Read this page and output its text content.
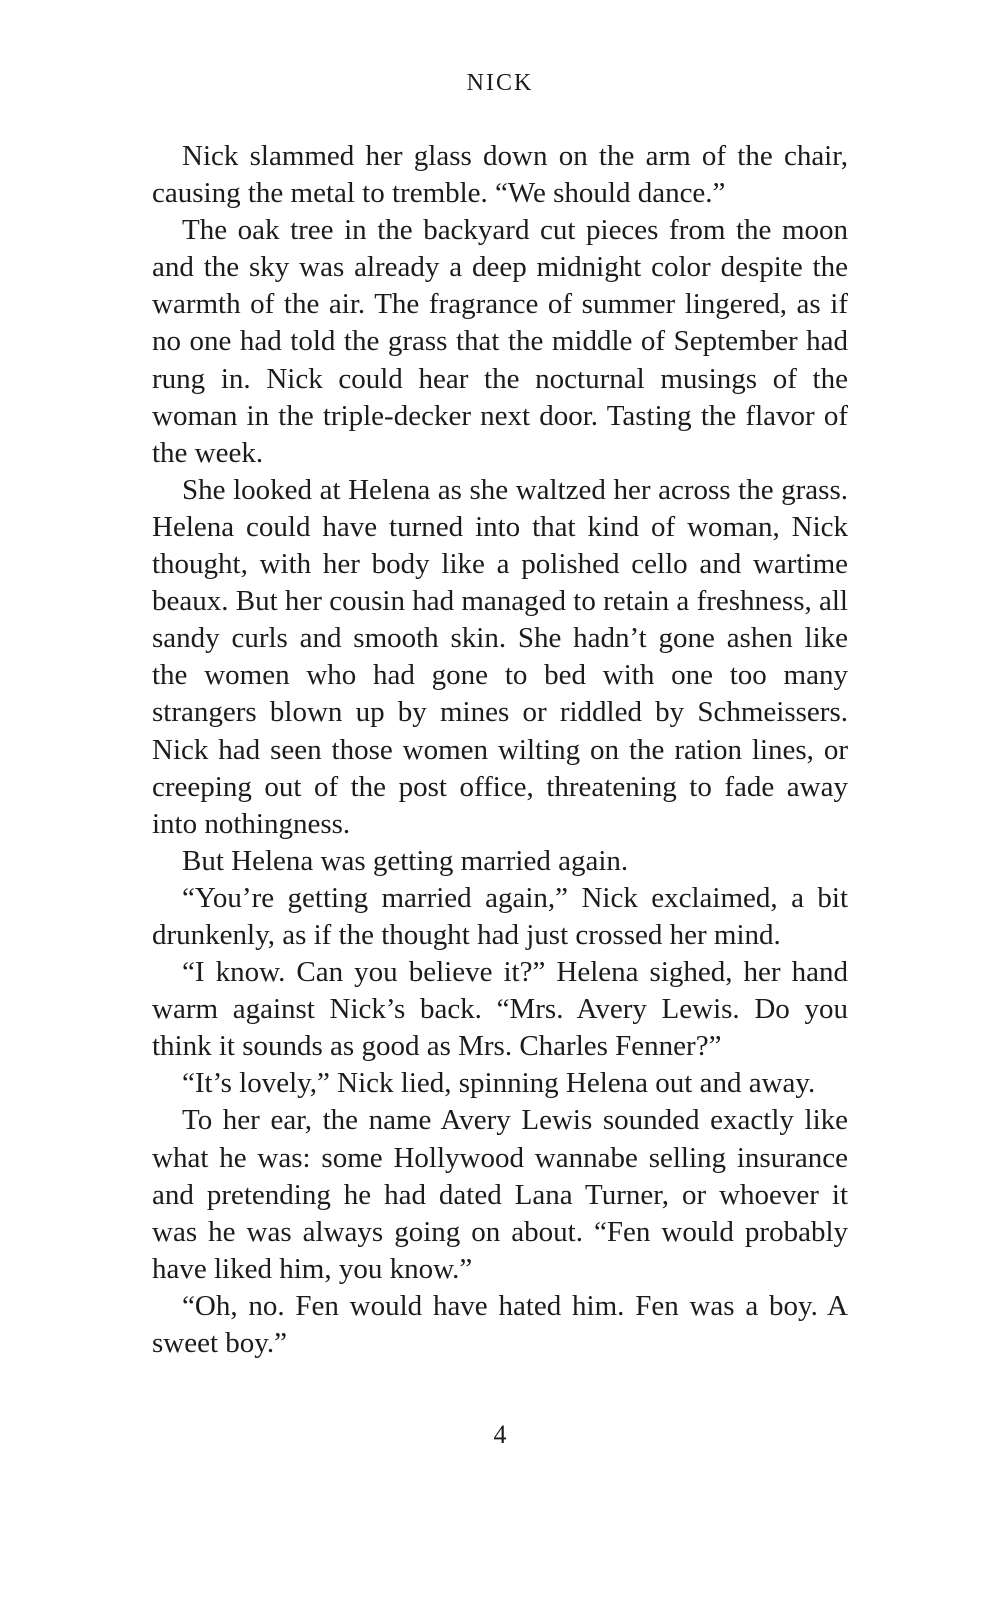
NICK

Nick slammed her glass down on the arm of the chair, causing the metal to tremble. “We should dance.”

The oak tree in the backyard cut pieces from the moon and the sky was already a deep midnight color despite the warmth of the air. The fragrance of summer lingered, as if no one had told the grass that the middle of September had rung in. Nick could hear the nocturnal musings of the woman in the triple-decker next door. Tasting the flavor of the week.

She looked at Helena as she waltzed her across the grass. Helena could have turned into that kind of woman, Nick thought, with her body like a polished cello and wartime beaux. But her cousin had managed to retain a freshness, all sandy curls and smooth skin. She hadn’t gone ashen like the women who had gone to bed with one too many strangers blown up by mines or riddled by Schmeissers. Nick had seen those women wilting on the ration lines, or creeping out of the post office, threatening to fade away into nothingness.

But Helena was getting married again.

“You’re getting married again,” Nick exclaimed, a bit drunkenly, as if the thought had just crossed her mind.

“I know. Can you believe it?” Helena sighed, her hand warm against Nick’s back. “Mrs. Avery Lewis. Do you think it sounds as good as Mrs. Charles Fenner?”

“It’s lovely,” Nick lied, spinning Helena out and away.

To her ear, the name Avery Lewis sounded exactly like what he was: some Hollywood wannabe selling insurance and pretending he had dated Lana Turner, or whoever it was he was always going on about. “Fen would probably have liked him, you know.”

“Oh, no. Fen would have hated him. Fen was a boy. A sweet boy.”

4
